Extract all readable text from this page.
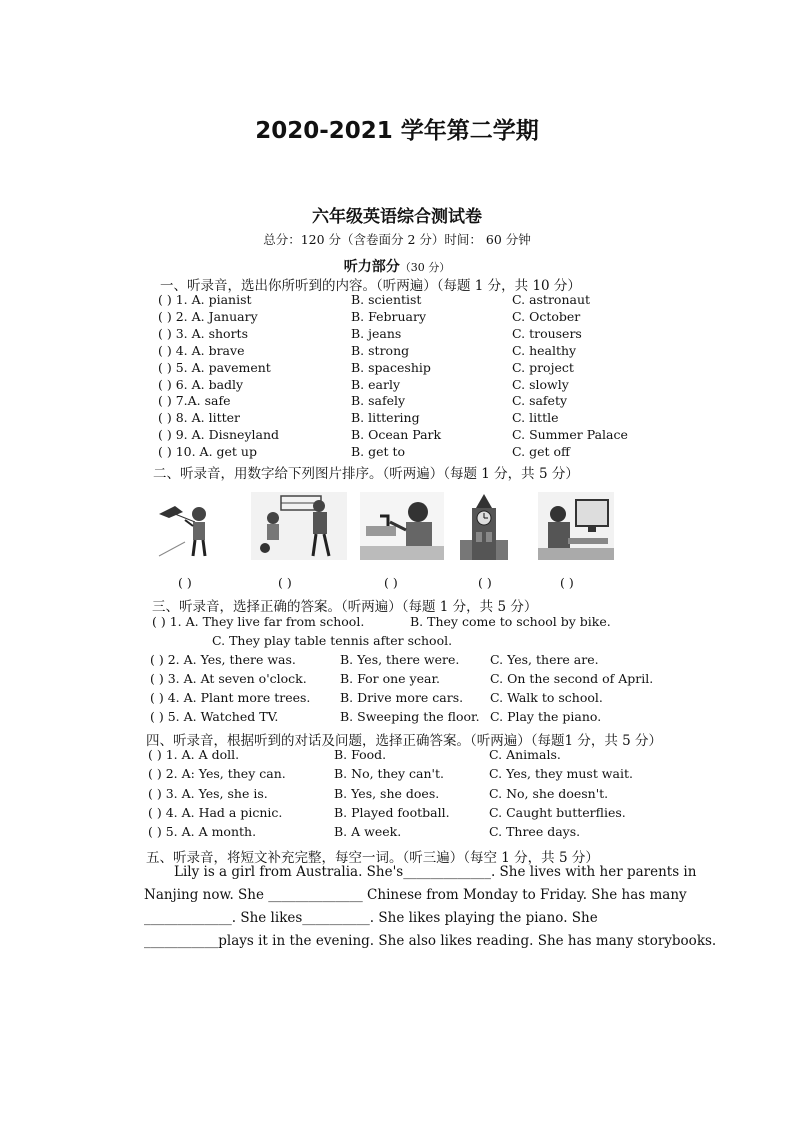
2020-2021 学年第二学期
六年级英语综合测试卷
总分：120 分（含卷面分 2 分）时间： 60 分钟
听力部分（30 分）
一、听录音，选出你所听到的内容。（听两遍）（每题 1 分，共 10 分）
( ) 1. A. pianist	B. scientist	C. astronaut
( ) 2. A. January	B. February	C. October
( ) 3. A. shorts	B. jeans	C. trousers
( ) 4. A. brave	B. strong	C. healthy
( ) 5. A. pavement	B. spaceship	C. project
( ) 6. A. badly	B. early	C. slowly
( ) 7.A. safe	B. safely	C. safety
( ) 8. A. litter	B. littering	C. little
( ) 9. A. Disneyland	B. Ocean Park	C. Summer Palace
( ) 10. A. get up	B. get to	C. get off
二、听录音，用数字给下列图片排序。（听两遍）（每题 1 分，共 5 分）
( )	( )	( )	( )	( )
三、听录音，选择正确的答案。（听两遍）（每题 1 分，共 5 分）
( ) 1. A. They live far from school.	B. They come to school by bike.
C. They play table tennis after school.
( ) 2. A. Yes, there was.	B. Yes, there were. C. Yes, there are.
( ) 3. A. At seven o'clock.	B. For one year.	C. On the second of April.
( ) 4. A. Plant more trees. B. Drive more cars. C. Walk to school.
( ) 5. A. Watched TV.	B. Sweeping the floor. C. Play the piano.
四、听录音，根据听到的对话及问题，选择正确答案。（听两遍）（每题1 分，共 5 分）
( ) 1. A. A doll.	B. Food.	C. Animals.
( ) 2. A: Yes, they can.	B. No, they can't.	C. Yes, they must wait.
( ) 3. A. Yes, she is.	B. Yes, she does.	C. No, she doesn't.
( ) 4. A. Had a picnic.	B. Played football.	C. Caught butterflies.
( ) 5. A. A month.	B. A week.	C. Three days.
五、听录音，将短文补充完整，每空一词。（听三遍）（每空 1 分，共 5 分）
Lily is a girl from Australia. She's_____________. She lives with her parents in
Nanjing now. She ______________ Chinese from Monday to Friday. She has many
_____________. She likes__________. She likes playing the piano. She
___________plays it in the evening. She also likes reading. She has many storybooks.
